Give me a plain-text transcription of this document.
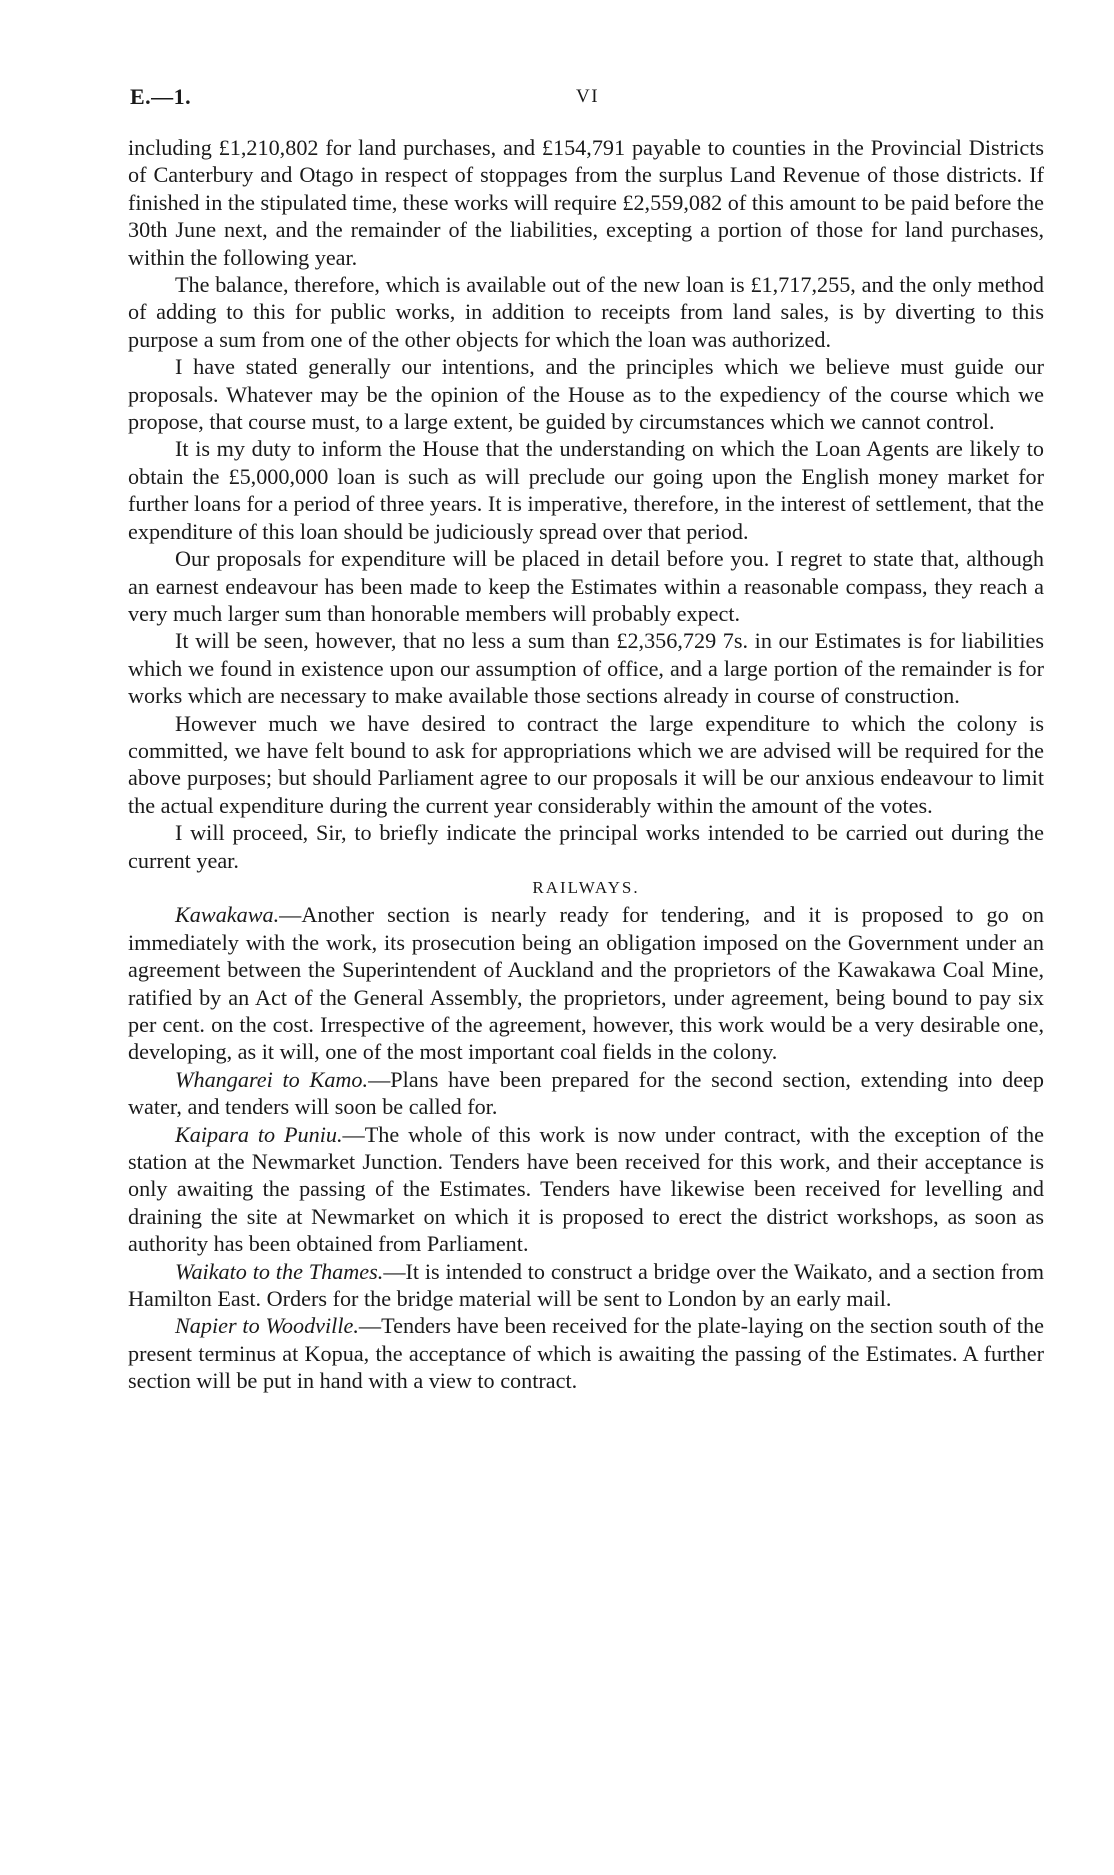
E.—1.	VI

including £1,210,802 for land purchases, and £154,791 payable to counties in the Provincial Districts of Canterbury and Otago in respect of stoppages from the surplus Land Revenue of those districts. If finished in the stipulated time, these works will require £2,559,082 of this amount to be paid before the 30th June next, and the remainder of the liabilities, excepting a portion of those for land purchases, within the following year.

The balance, therefore, which is available out of the new loan is £1,717,255, and the only method of adding to this for public works, in addition to receipts from land sales, is by diverting to this purpose a sum from one of the other objects for which the loan was authorized.

I have stated generally our intentions, and the principles which we believe must guide our proposals. Whatever may be the opinion of the House as to the expediency of the course which we propose, that course must, to a large extent, be guided by circumstances which we cannot control.

It is my duty to inform the House that the understanding on which the Loan Agents are likely to obtain the £5,000,000 loan is such as will preclude our going upon the English money market for further loans for a period of three years. It is imperative, therefore, in the interest of settlement, that the expenditure of this loan should be judiciously spread over that period.

Our proposals for expenditure will be placed in detail before you. I regret to state that, although an earnest endeavour has been made to keep the Estimates within a reasonable compass, they reach a very much larger sum than honorable members will probably expect.

It will be seen, however, that no less a sum than £2,356,729 7s. in our Estimates is for liabilities which we found in existence upon our assumption of office, and a large portion of the remainder is for works which are necessary to make available those sections already in course of construction.

However much we have desired to contract the large expenditure to which the colony is committed, we have felt bound to ask for appropriations which we are advised will be required for the above purposes; but should Parliament agree to our proposals it will be our anxious endeavour to limit the actual expenditure during the current year considerably within the amount of the votes.

I will proceed, Sir, to briefly indicate the principal works intended to be carried out during the current year.

RAILWAYS.

Kawakawa.—Another section is nearly ready for tendering, and it is proposed to go on immediately with the work, its prosecution being an obligation imposed on the Government under an agreement between the Superintendent of Auckland and the proprietors of the Kawakawa Coal Mine, ratified by an Act of the General Assembly, the proprietors, under agreement, being bound to pay six per cent. on the cost. Irrespective of the agreement, however, this work would be a very desirable one, developing, as it will, one of the most important coal fields in the colony.

Whangarei to Kamo.—Plans have been prepared for the second section, extending into deep water, and tenders will soon be called for.

Kaipara to Puniu.—The whole of this work is now under contract, with the exception of the station at the Newmarket Junction. Tenders have been received for this work, and their acceptance is only awaiting the passing of the Estimates. Tenders have likewise been received for levelling and draining the site at Newmarket on which it is proposed to erect the district workshops, as soon as authority has been obtained from Parliament.

Waikato to the Thames.—It is intended to construct a bridge over the Waikato, and a section from Hamilton East. Orders for the bridge material will be sent to London by an early mail.

Napier to Woodville.—Tenders have been received for the plate-laying on the section south of the present terminus at Kopua, the acceptance of which is awaiting the passing of the Estimates. A further section will be put in hand with a view to contract.
